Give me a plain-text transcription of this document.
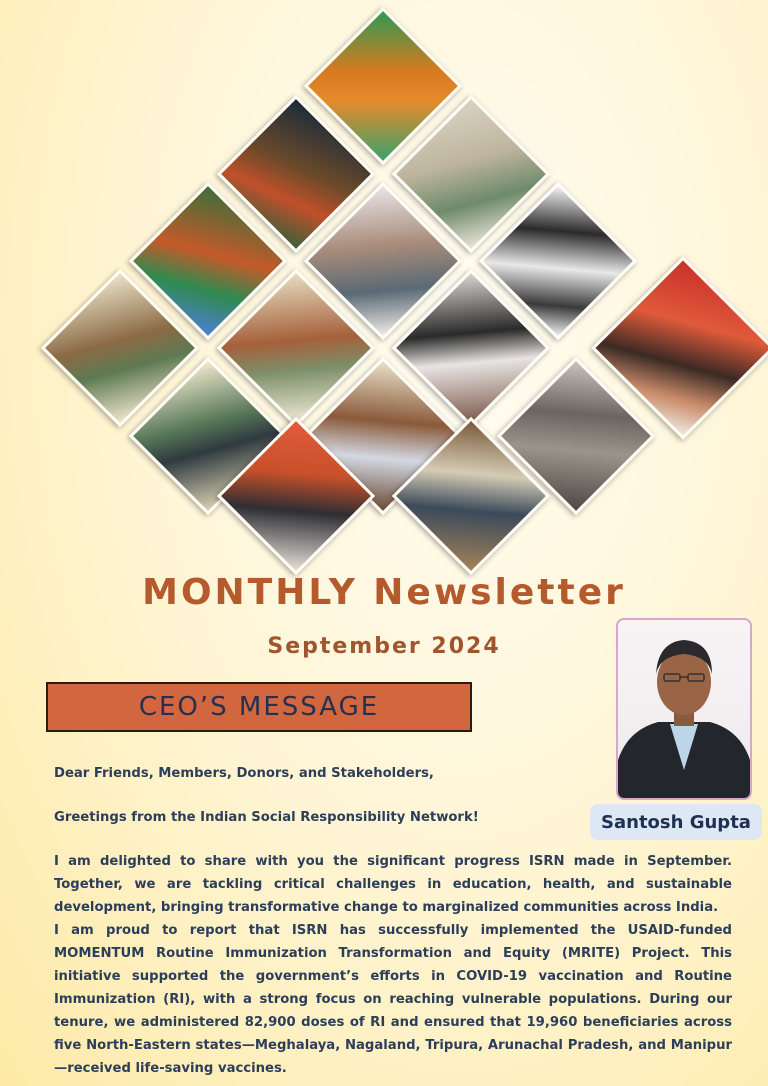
MONTHLY Newsletter
September 2024
CEO’S MESSAGE
Santosh Gupta
Dear Friends, Members, Donors, and Stakeholders,
Greetings from the Indian Social Responsibility Network!

I am delighted to share with you the significant progress ISRN made in September. Together, we are tackling critical challenges in education, health, and sustainable development, bringing transformative change to marginalized communities across India.

I am proud to report that ISRN has successfully implemented the USAID-funded MOMENTUM Routine Immunization Transformation and Equity (MRITE) Project. This initiative supported the government’s efforts in COVID-19 vaccination and Routine Immunization (RI), with a strong focus on reaching vulnerable populations. During our tenure, we administered 82,900 doses of RI and ensured that 19,960 beneficiaries across five North-Eastern states—Meghalaya, Nagaland, Tripura, Arunachal Pradesh, and Manipur—received life-saving vaccines.
